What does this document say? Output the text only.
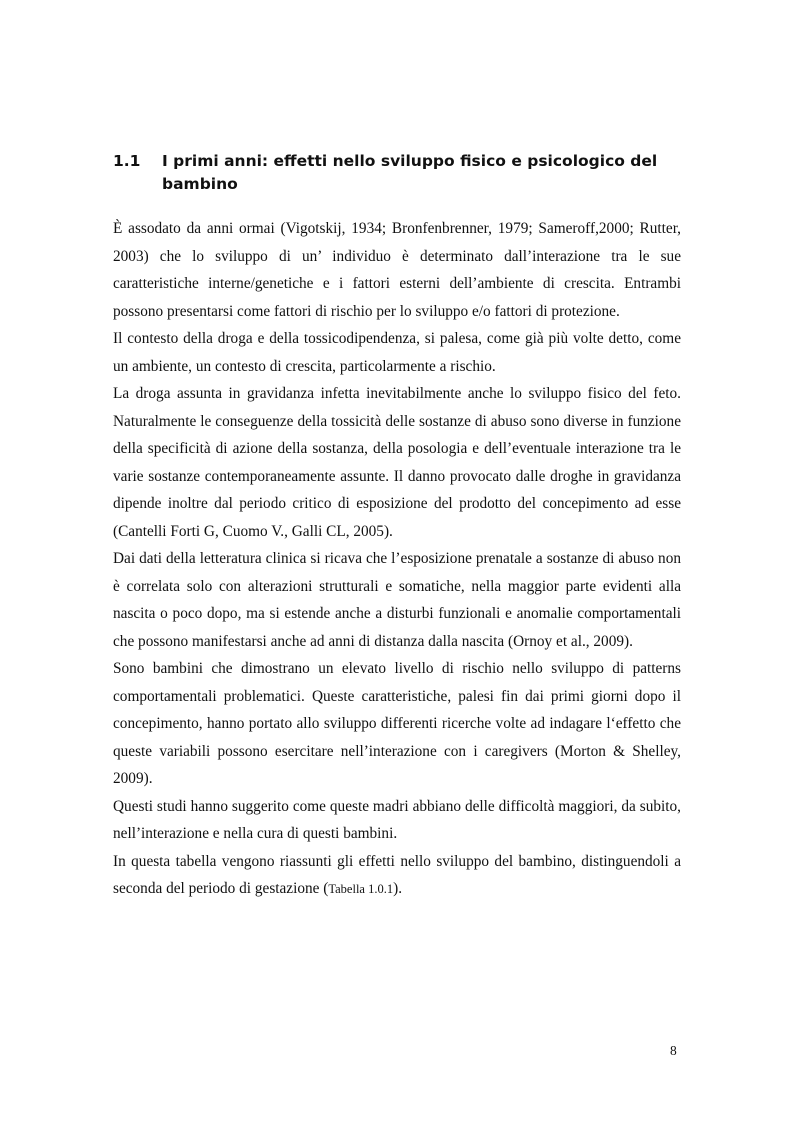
1.1 I primi anni: effetti nello sviluppo fisico e psicologico del bambino

È assodato da anni ormai (Vigotskij, 1934; Bronfenbrenner, 1979; Sameroff,2000; Rutter, 2003) che lo sviluppo di un’ individuo è determinato dall’interazione tra le sue caratteristiche interne/genetiche e i fattori esterni dell’ambiente di crescita. Entrambi possono presentarsi come fattori di rischio per lo sviluppo e/o fattori di protezione.

Il contesto della droga e della tossicodipendenza, si palesa, come già più volte detto, come un ambiente, un contesto di crescita, particolarmente a rischio.

La droga assunta in gravidanza infetta inevitabilmente anche lo sviluppo fisico del feto. Naturalmente le conseguenze della tossicità delle sostanze di abuso sono diverse in funzione della specificità di azione della sostanza, della posologia e dell’eventuale interazione tra le varie sostanze contemporaneamente assunte. Il danno provocato dalle droghe in gravidanza dipende inoltre dal periodo critico di esposizione del prodotto del concepimento ad esse (Cantelli Forti G, Cuomo V., Galli CL, 2005).

Dai dati della letteratura clinica si ricava che l’esposizione prenatale a sostanze di abuso non è correlata solo con alterazioni strutturali e somatiche, nella maggior parte evidenti alla nascita o poco dopo, ma si estende anche a disturbi funzionali e anomalie comportamentali che possono manifestarsi anche ad anni di distanza dalla nascita (Ornoy et al., 2009).

Sono bambini che dimostrano un elevato livello di rischio nello sviluppo di patterns comportamentali problematici. Queste caratteristiche, palesi fin dai primi giorni dopo il concepimento, hanno portato allo sviluppo differenti ricerche volte ad indagare l‘effetto che queste variabili possono esercitare nell’interazione con i caregivers (Morton & Shelley, 2009).

Questi studi hanno suggerito come queste madri abbiano delle difficoltà maggiori, da subito, nell’interazione e nella cura di questi bambini.

In questa tabella vengono riassunti gli effetti nello sviluppo del bambino, distinguendoli a seconda del periodo di gestazione (Tabella 1.0.1).

8
